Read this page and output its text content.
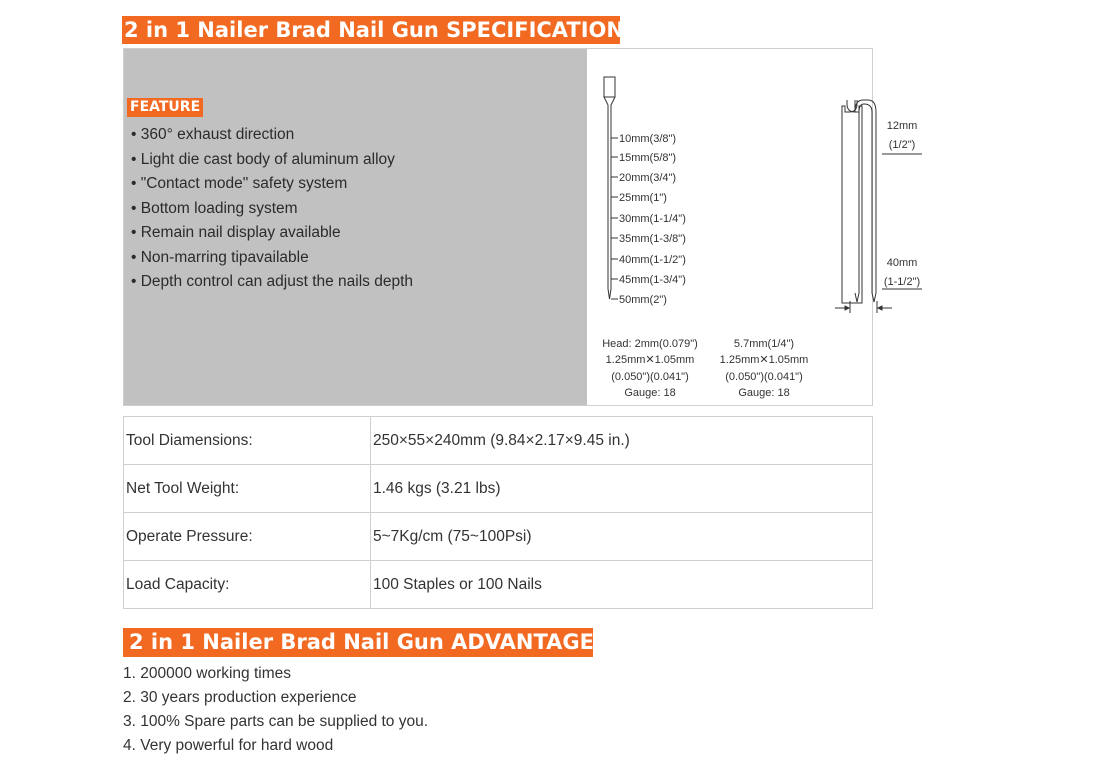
2 in 1 Nailer Brad Nail Gun SPECIFICATION
FEATURE
• 360° exhaust direction
• Light die cast body of aluminum alloy
• "Contact mode" safety system
• Bottom loading system
• Remain nail display available
• Non-marring tipavailable
• Depth control can adjust the nails depth
10mm(3/8")
15mm(5/8")
20mm(3/4")
25mm(1")
30mm(1-1/4")
35mm(1-3/8")
40mm(1-1/2")
45mm(1-3/4")
50mm(2")
12mm
(1/2")
40mm
(1-1/2")
Head: 2mm(0.079")
1.25mm✕1.05mm
(0.050")(0.041")
Gauge: 18
5.7mm(1/4")
1.25mm✕1.05mm
(0.050")(0.041")
Gauge: 18
Tool Diamensions:	250×55×240mm (9.84×2.17×9.45 in.)
Net Tool Weight:	1.46 kgs (3.21 lbs)
Operate Pressure:	5~7Kg/cm (75~100Psi)
Load Capacity:	100 Staples or 100 Nails
2 in 1 Nailer Brad Nail Gun ADVANTAGE
1. 200000 working times
2. 30 years production experience
3. 100% Spare parts can be supplied to you.
4. Very powerful for hard wood
